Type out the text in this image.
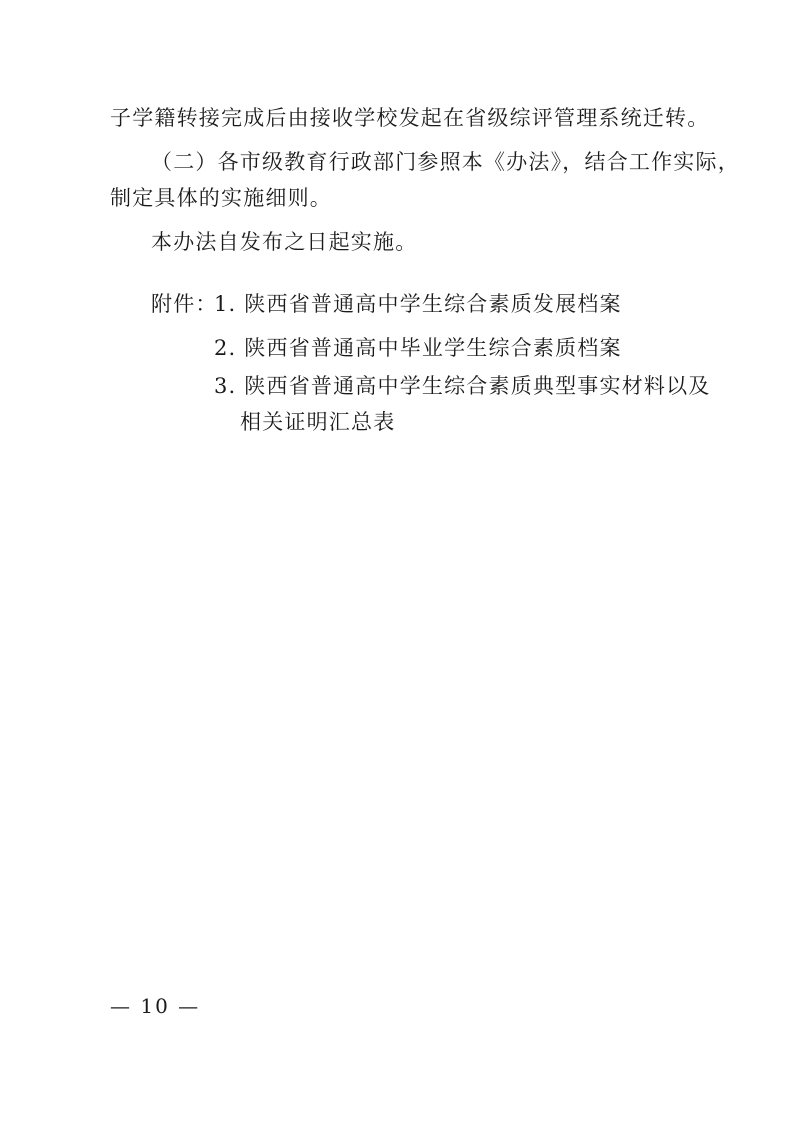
子学籍转接完成后由接收学校发起在省级综评管理系统迁转。
（二）各市级教育行政部门参照本《办法》，结合工作实际，
制定具体的实施细则。
本办法自发布之日起实施。
附件：
1. 陕西省普通高中学生综合素质发展档案
2. 陕西省普通高中毕业学生综合素质档案
3. 陕西省普通高中学生综合素质典型事实材料以及
相关证明汇总表
— 10 —
